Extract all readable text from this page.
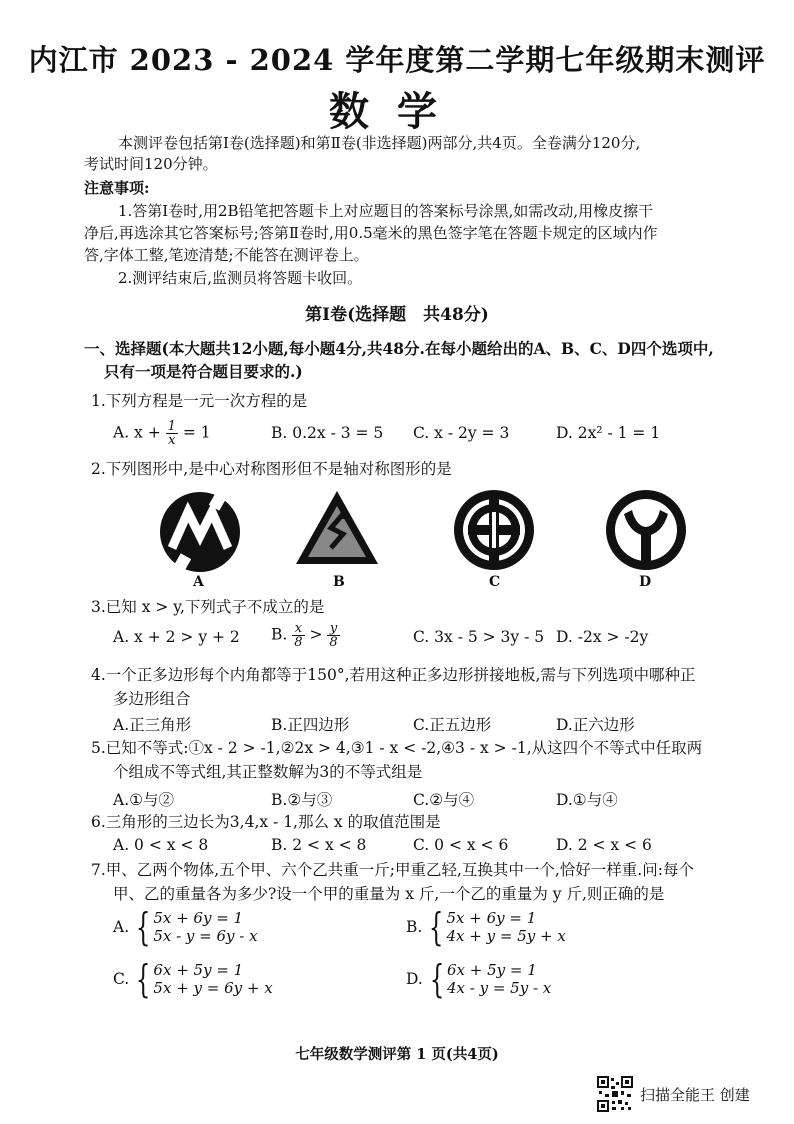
内江市 2023 - 2024 学年度第二学期七年级期末测评
数学
本测评卷包括第Ⅰ卷(选择题)和第Ⅱ卷(非选择题)两部分,共4页。全卷满分120分,
考试时间120分钟。
注意事项:
1.答第Ⅰ卷时,用2B铅笔把答题卡上对应题目的答案标号涂黑,如需改动,用橡皮擦干
净后,再选涂其它答案标号;答第Ⅱ卷时,用0.5毫米的黑色签字笔在答题卡规定的区域内作
答,字体工整,笔迹清楚;不能答在测评卷上。
2.测评结束后,监测员将答题卡收回。
第Ⅰ卷(选择题　共48分)
一、选择题(本大题共12小题,每小题4分,共48分.在每小题给出的A、B、C、D四个选项中,
只有一项是符合题目要求的.)
1.下列方程是一元一次方程的是
A. $x + \frac{1}{x} = 1$	B. 0.2x - 3 = 5 C. x - 2y = 3	D. 2x² - 1 = 1
2.下列图形中,是中心对称图形但不是轴对称图形的是
A	B	C	D
3.已知 x > y,下列式子不成立的是
A. x + 2 > y + 2 B. $\frac{x}{8} > \frac{y}{8}$	C. 3x - 5 > 3y - 5 D. -2x > -2y
4.一个正多边形每个内角都等于150°,若用这种正多边形拼接地板,需与下列选项中哪种正
多边形组合
A.正三角形	B.正四边形	C.正五边形	D.正六边形
5.已知不等式:①x - 2 > -1,②2x > 4,③1 - x < -2,④3 - x > -1,从这四个不等式中任取两
个组成不等式组,其正整数解为3的不等式组是
A.①与②	B.②与③	C.②与④	D.①与④
6.三角形的三边长为3,4,x - 1,那么 x 的取值范围是
A. 0 < x < 8	B. 2 < x < 8	C. 0 < x < 6	D. 2 < x < 6
7.甲、乙两个物体,五个甲、六个乙共重一斤;甲重乙轻,互换其中一个,恰好一样重.问:每个
甲、乙的重量各为多少?设一个甲的重量为 x 斤,一个乙的重量为 y 斤,则正确的是
A. { 5x + 6y = 1
5x - y = 6y - x	B. { 5x + 6y = 1
4x + y = 5y + x
C. { 6x + 5y = 1
5x + y = 6y + x	D. { 6x + 5y = 1
4x - y = 5y - x
七年级数学测评第 1 页(共4页)
扫描全能王 创建
